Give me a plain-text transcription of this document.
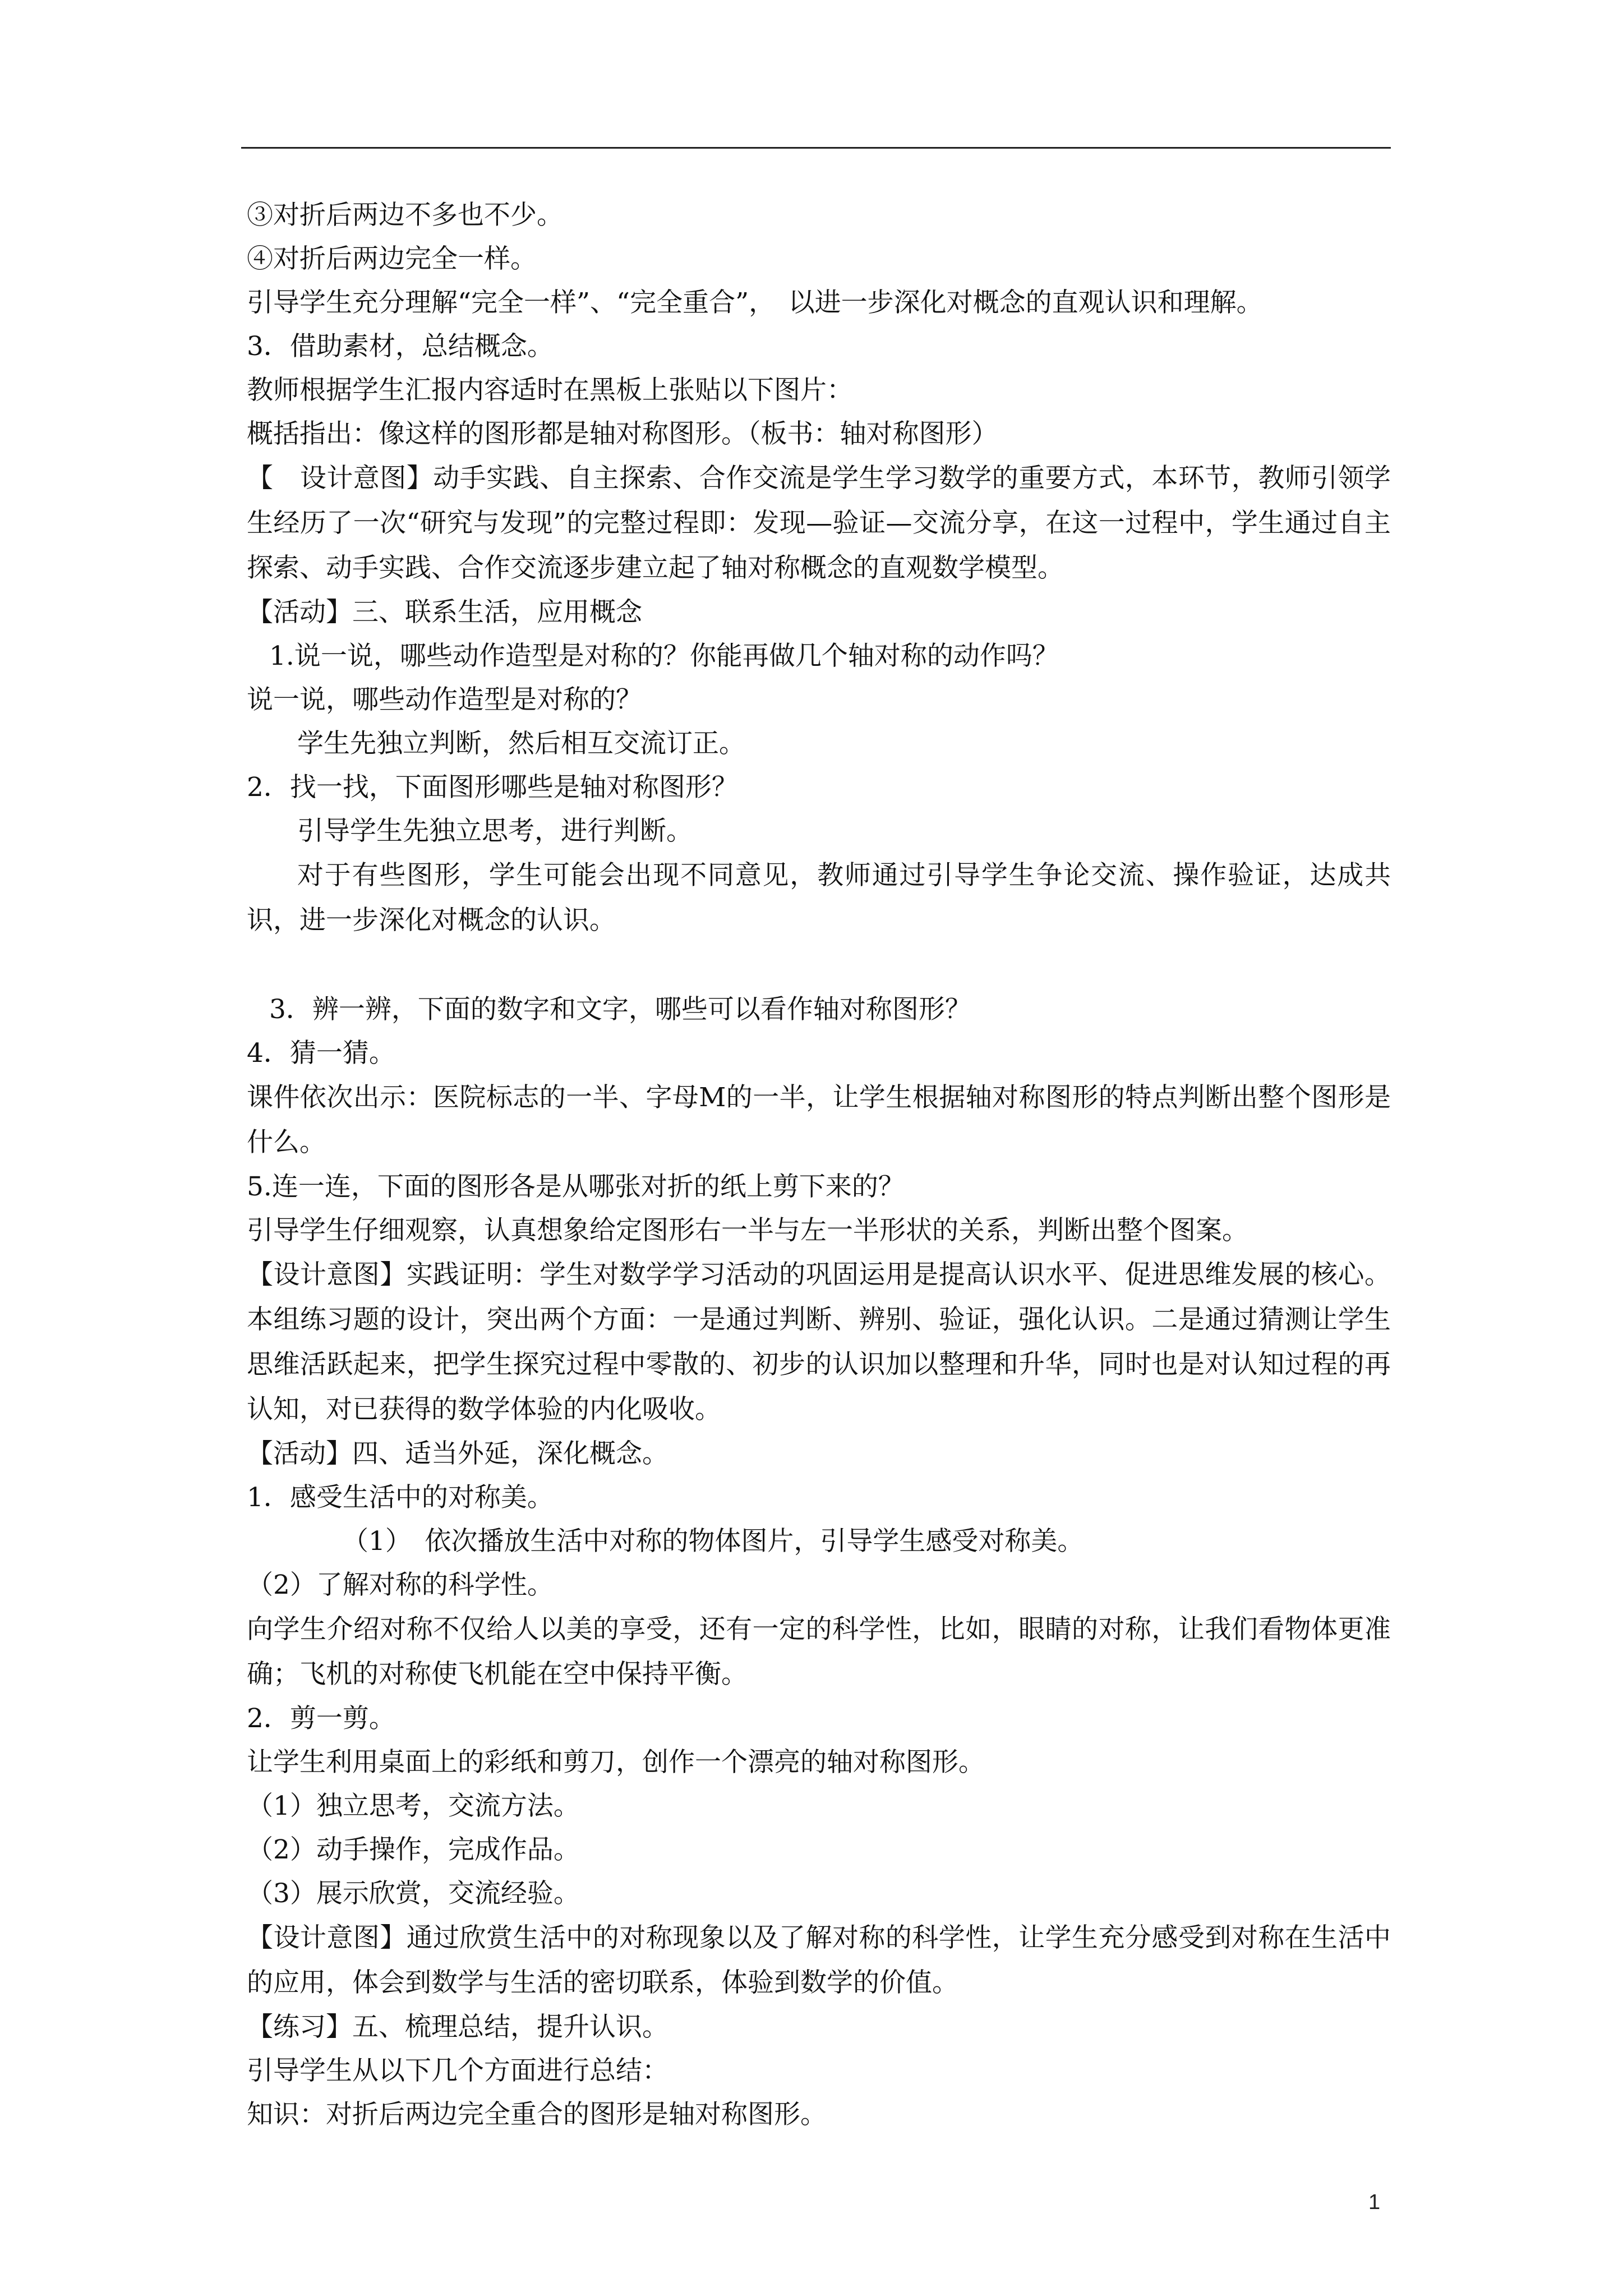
③对折后两边不多也不少。

④对折后两边完全一样。

引导学生充分理解“完全一样”、“完全重合”，　以进一步深化对概念的直观认识和理解。

3．借助素材，总结概念。

教师根据学生汇报内容适时在黑板上张贴以下图片：

概括指出：像这样的图形都是轴对称图形。（板书：轴对称图形）

【　设计意图】动手实践、自主探索、合作交流是学生学习数学的重要方式，本环节，教师引领学生经历了一次“研究与发现”的完整过程即：发现—验证—交流分享，在这一过程中，学生通过自主探索、动手实践、合作交流逐步建立起了轴对称概念的直观数学模型。

【活动】三、联系生活，应用概念

1.说一说，哪些动作造型是对称的？你能再做几个轴对称的动作吗？

说一说，哪些动作造型是对称的？

学生先独立判断，然后相互交流订正。

2．找一找，下面图形哪些是轴对称图形？

引导学生先独立思考，进行判断。

对于有些图形，学生可能会出现不同意见，教师通过引导学生争论交流、操作验证，达成共识，进一步深化对概念的认识。

3．辨一辨，下面的数字和文字，哪些可以看作轴对称图形？

4．猜一猜。

课件依次出示：医院标志的一半、字母M的一半，让学生根据轴对称图形的特点判断出整个图形是什么。

5.连一连，下面的图形各是从哪张对折的纸上剪下来的？

引导学生仔细观察，认真想象给定图形右一半与左一半形状的关系，判断出整个图案。

【设计意图】实践证明：学生对数学学习活动的巩固运用是提高认识水平、促进思维发展的核心。本组练习题的设计，突出两个方面：一是通过判断、辨别、验证，强化认识。二是通过猜测让学生思维活跃起来，把学生探究过程中零散的、初步的认识加以整理和升华，同时也是对认知过程的再认知，对已获得的数学体验的内化吸收。

【活动】四、适当外延，深化概念。

1．感受生活中的对称美。

（1）　依次播放生活中对称的物体图片，引导学生感受对称美。

（2）了解对称的科学性。

向学生介绍对称不仅给人以美的享受，还有一定的科学性，比如，眼睛的对称，让我们看物体更准确；飞机的对称使飞机能在空中保持平衡。

2．剪一剪。

让学生利用桌面上的彩纸和剪刀，创作一个漂亮的轴对称图形。

（1）独立思考，交流方法。

（2）动手操作，完成作品。

（3）展示欣赏，交流经验。

【设计意图】通过欣赏生活中的对称现象以及了解对称的科学性，让学生充分感受到对称在生活中的应用，体会到数学与生活的密切联系，体验到数学的价值。

【练习】五、梳理总结，提升认识。

引导学生从以下几个方面进行总结：

知识：对折后两边完全重合的图形是轴对称图形。

1
